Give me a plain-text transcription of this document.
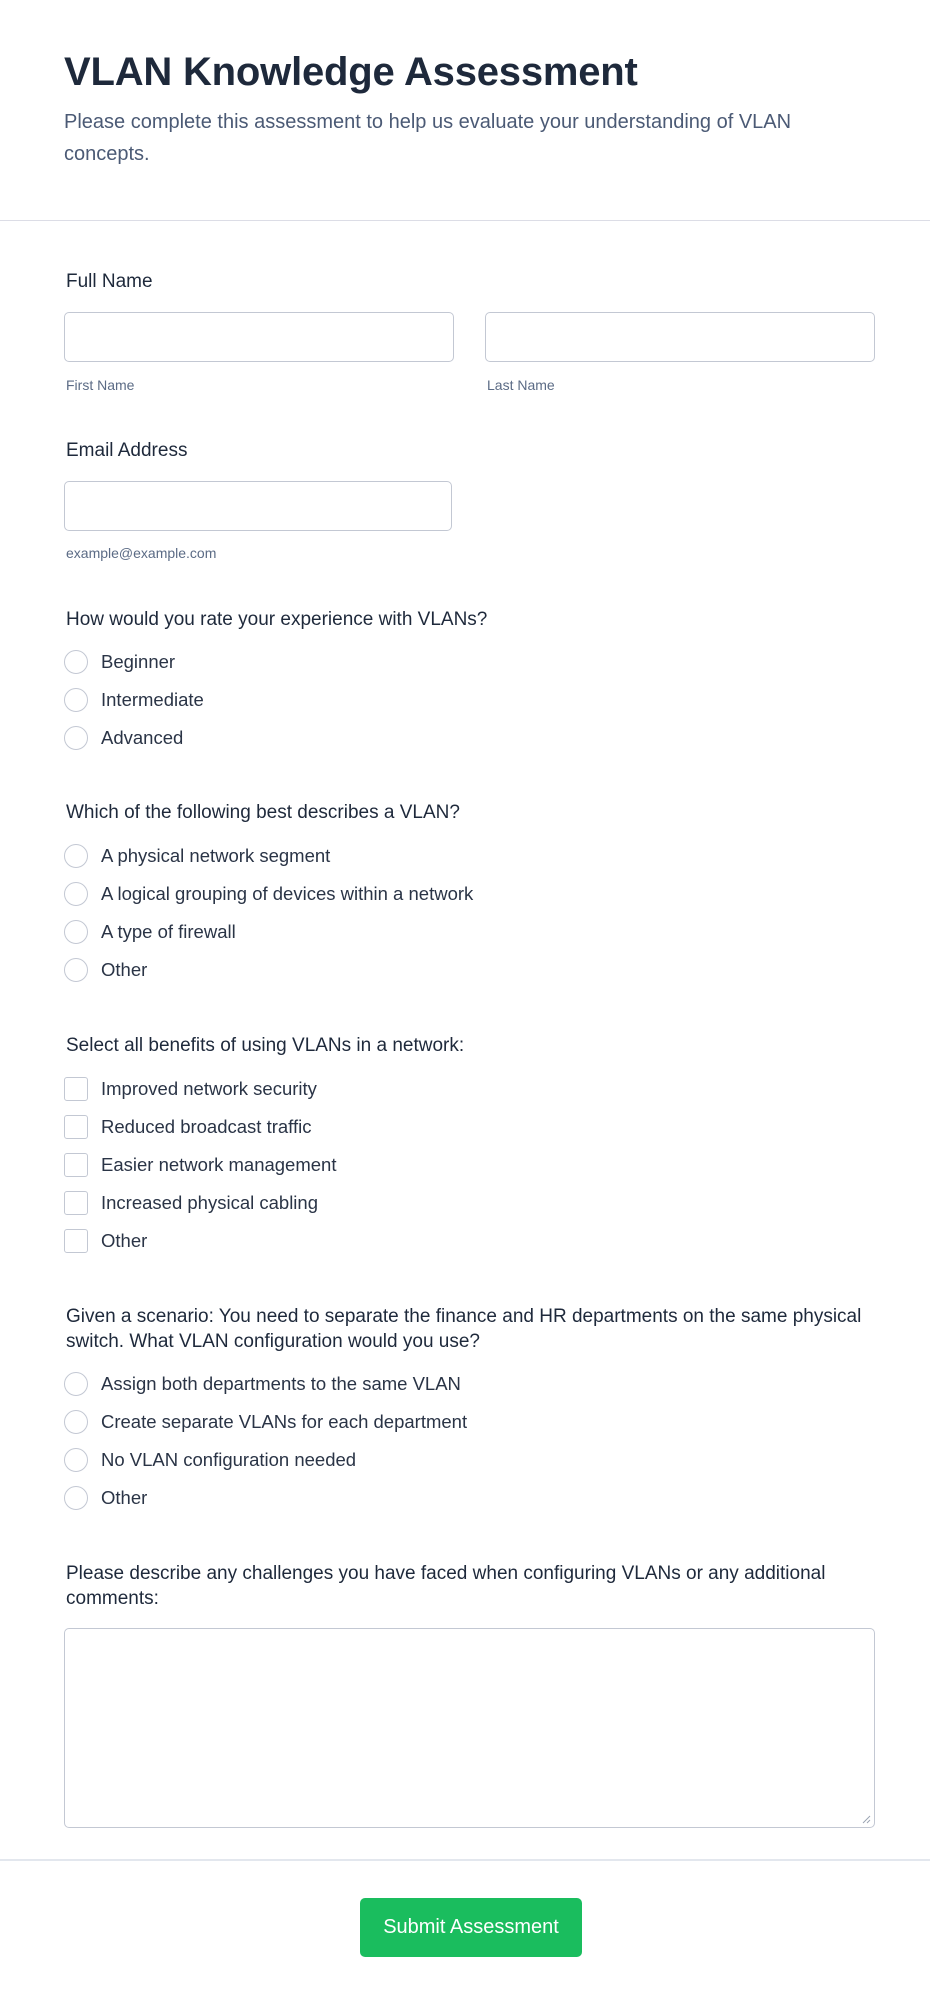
VLAN Knowledge Assessment

Please complete this assessment to help us evaluate your understanding of VLAN concepts.

Full Name
First Name	Last Name
Email Address
example@example.com
How would you rate your experience with VLANs?
Beginner
Intermediate
Advanced
Which of the following best describes a VLAN?
A physical network segment
A logical grouping of devices within a network
A type of firewall
Other
Select all benefits of using VLANs in a network:
Improved network security
Reduced broadcast traffic
Easier network management
Increased physical cabling
Other
Given a scenario: You need to separate the finance and HR departments on the same physical switch. What VLAN configuration would you use?
Assign both departments to the same VLAN
Create separate VLANs for each department
No VLAN configuration needed
Other
Please describe any challenges you have faced when configuring VLANs or any additional comments:
Submit Assessment
